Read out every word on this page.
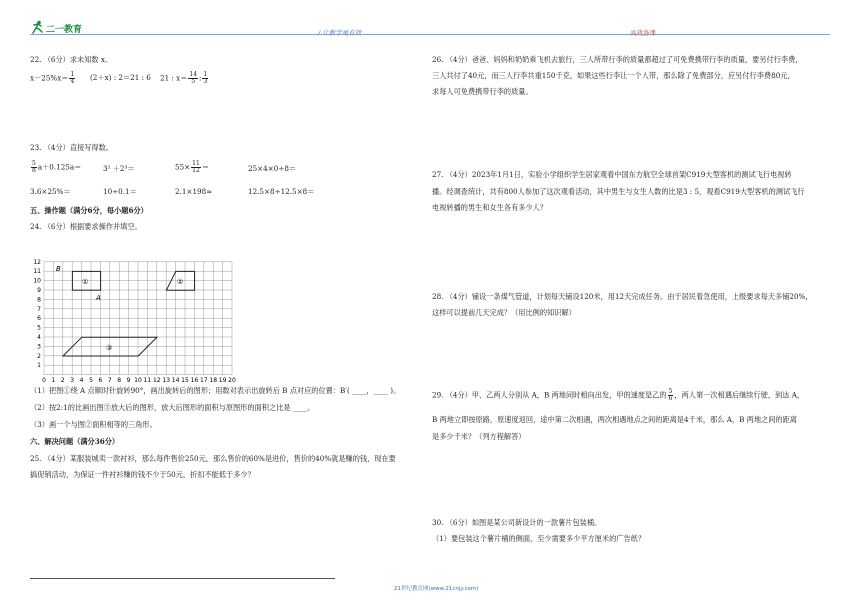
二一教育	/ 让教学更有效	高效备课
22. （6分）求未知数 x。
$x-25\%x= \frac{1}{4} (2+x)$ : 2＝21 : 6 21 : $x= \frac{14}{5}$ : $\frac{1}{3}$
23. （4分）直接写得数。
$\frac{5}{8} a+0.125a=$	3² ＋2³＝	$55\times \frac{11}{12}$ ＝	25×4×0÷8＝
3.6×25%＝	10÷0.1＝	2.1×198≈	12.5×8÷12.5×8＝
五、操作题（满分6分，每小题6分）
24. （6分）根据要求操作并填空。
1
2
3
4
5
6
7
8
9
10
11
12
0 1 2 3 4 5 6 7 8 9 10 11 12 13 14 15 16 17 18 19 20
①
B
A
②
③
（1）把图①绕 A 点顺时针旋转90°，画出旋转后的图形；用数对表示出旋转后 B 点对应的位置：B′( ____，____ )。
（2）按2:1的比画出图③放大后的图形，放大后图形的面积与原图形的面积之比是 ____。
（3）画一个与图②面积相等的三角形。
六、解决问题（满分36分）
25. （4分）某服装城卖一款衬衫，那么每件售价250元，那么售价的60%是进价，售价的40%就是赚的钱，现在要
搞促销活动，为保证一件衬衫赚的钱不少于50元，折扣不能低于多少？
26. （4分）爸爸、妈妈和奶奶乘飞机去旅行，三人所带行李的质量都超过了可免费携带行李的质量，要另付行李费，
三人共付了40元，而三人行李共重150千克，如果这些行李让一个人带，那么除了免费部分，应另付行李费80元，
求每人可免费携带行李的质量。
27. （4分）2023年1月1日，实验小学组织学生居家观看中国东方航空全球首架C919大型客机的测试飞行电视转
播。经调查统计，共有800人参加了这次观看活动，其中男生与女生人数的比是3 : 5，观看C919大型客机的测试飞行
电视转播的男生和女生各有多少人？
28. （4分）铺设一条煤气管道，计划每天铺设120米，用12天完成任务。由于居民着急使用，上级要求每天多铺20%，
这样可以提前几天完成？（用比例的知识解）
29. （4分）甲、乙两人分别从 A，B 两地同时相向出发，甲的速度是乙的 $\frac{5}{6}$ ，两人第一次相遇后继续行驶，到达 A，
B 两地立即按原路，原速度返回，途中第二次相遇，两次相遇地点之间的距离是4千米，那么 A，B 两地之间的距离
是多少千米？（列方程解答）
30. （6分）如图是某公司新设计的一款薯片包装桶。
（1）要包装这个薯片桶的侧面，至少需要多少平方厘米的广告纸？
21世纪教育网(www.21cnjy.com)
